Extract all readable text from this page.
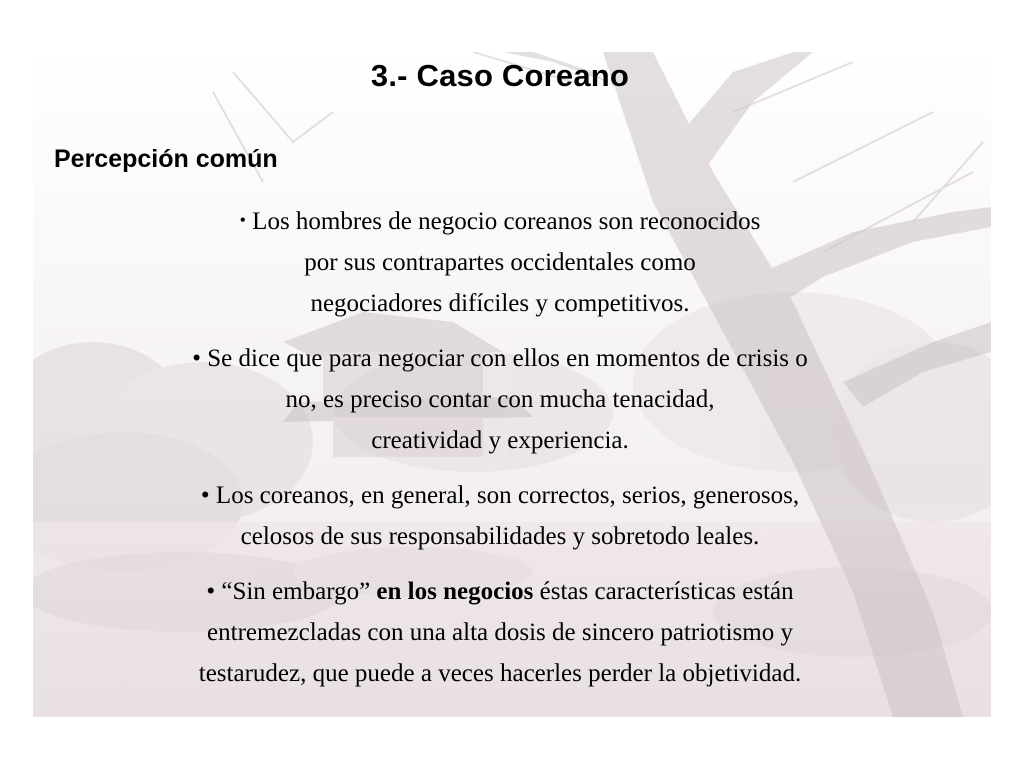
3.- Caso Coreano
Percepción común

• Los hombres de negocio coreanos son reconocidos
por sus contrapartes occidentales como
negociadores difíciles y competitivos.

• Se dice que para negociar con ellos en momentos de crisis o
no, es preciso contar con mucha tenacidad,
creatividad y experiencia.

• Los coreanos, en general, son correctos, serios, generosos,
celosos de sus responsabilidades y sobretodo leales.

• “Sin embargo” en los negocios éstas características están
entremezcladas con una alta dosis de sincero patriotismo y
testarudez, que puede a veces hacerles perder la objetividad.
